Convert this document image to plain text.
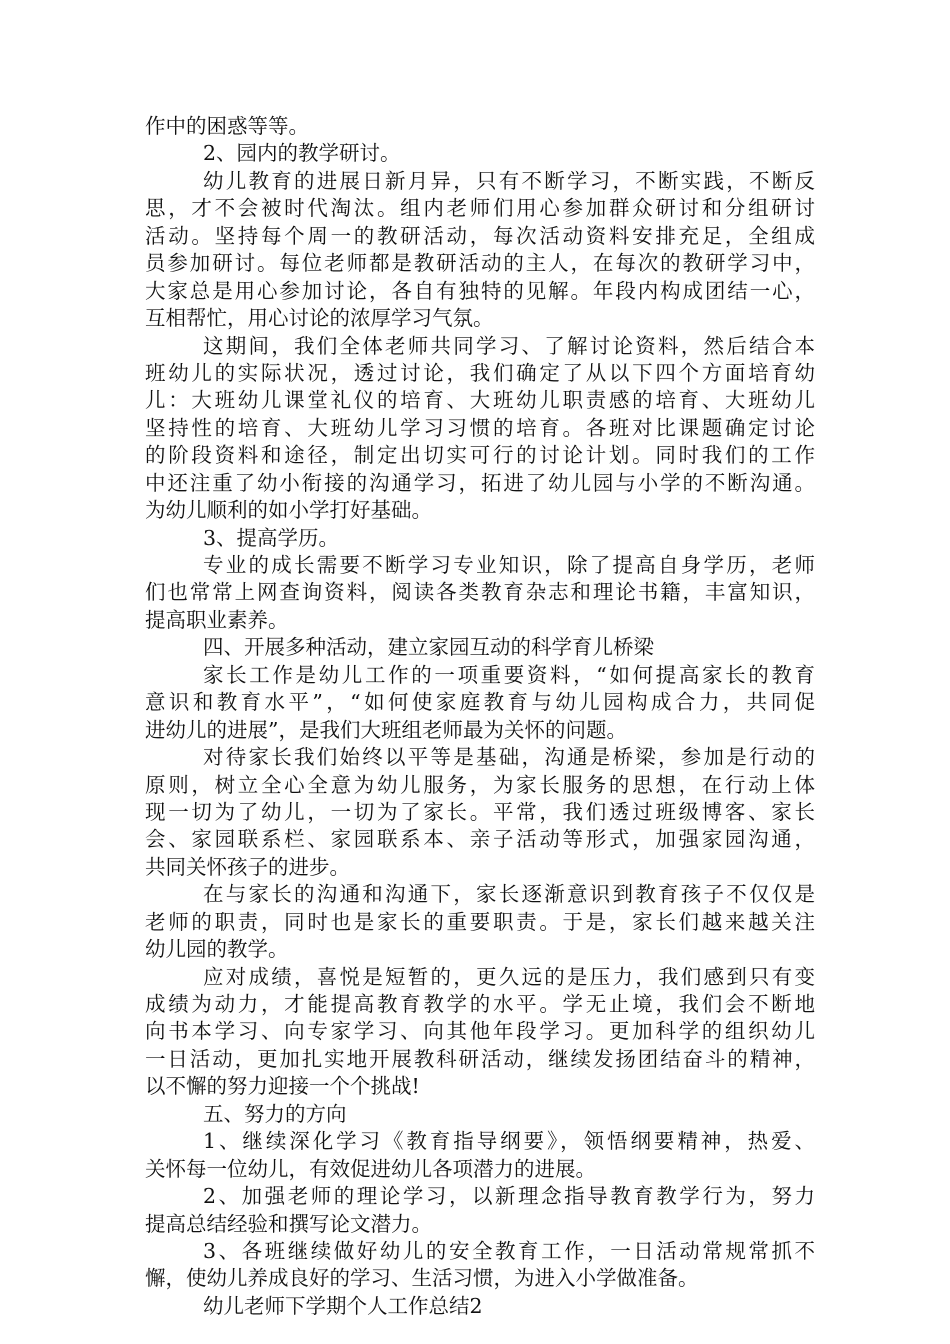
作中的困惑等等。
2、园内的教学研讨。
幼儿教育的进展日新月异，只有不断学习，不断实践，不断反
思，才不会被时代淘汰。组内老师们用心参加群众研讨和分组研讨
活动。坚持每个周一的教研活动，每次活动资料安排充足，全组成
员参加研讨。每位老师都是教研活动的主人，在每次的教研学习中，
大家总是用心参加讨论，各自有独特的见解。年段内构成团结一心，
互相帮忙，用心讨论的浓厚学习气氛。
这期间，我们全体老师共同学习、了解讨论资料，然后结合本
班幼儿的实际状况，透过讨论，我们确定了从以下四个方面培育幼
儿：大班幼儿课堂礼仪的培育、大班幼儿职责感的培育、大班幼儿
坚持性的培育、大班幼儿学习习惯的培育。各班对比课题确定讨论
的阶段资料和途径，制定出切实可行的讨论计划。同时我们的工作
中还注重了幼小衔接的沟通学习，拓进了幼儿园与小学的不断沟通。
为幼儿顺利的如小学打好基础。
3、提高学历。
专业的成长需要不断学习专业知识，除了提高自身学历，老师
们也常常上网查询资料，阅读各类教育杂志和理论书籍，丰富知识，
提高职业素养。
四、开展多种活动，建立家园互动的科学育儿桥梁
家长工作是幼儿工作的一项重要资料，“如何提高家长的教育
意识和教育水平”，“如何使家庭教育与幼儿园构成合力，共同促
进幼儿的进展”，是我们大班组老师最为关怀的问题。
对待家长我们始终以平等是基础，沟通是桥梁，参加是行动的
原则，树立全心全意为幼儿服务，为家长服务的思想，在行动上体
现一切为了幼儿，一切为了家长。平常，我们透过班级博客、家长
会、家园联系栏、家园联系本、亲子活动等形式，加强家园沟通，
共同关怀孩子的进步。
在与家长的沟通和沟通下，家长逐渐意识到教育孩子不仅仅是
老师的职责，同时也是家长的重要职责。于是，家长们越来越关注
幼儿园的教学。
应对成绩，喜悦是短暂的，更久远的是压力，我们感到只有变
成绩为动力，才能提高教育教学的水平。学无止境，我们会不断地
向书本学习、向专家学习、向其他年段学习。更加科学的组织幼儿
一日活动，更加扎实地开展教科研活动，继续发扬团结奋斗的精神，
以不懈的努力迎接一个个挑战!
五、努力的方向
1、继续深化学习《教育指导纲要》，领悟纲要精神，热爱、
关怀每一位幼儿，有效促进幼儿各项潜力的进展。
2、加强老师的理论学习，以新理念指导教育教学行为，努力
提高总结经验和撰写论文潜力。
3、各班继续做好幼儿的安全教育工作，一日活动常规常抓不
懈，使幼儿养成良好的学习、生活习惯，为进入小学做准备。
幼儿老师下学期个人工作总结2
